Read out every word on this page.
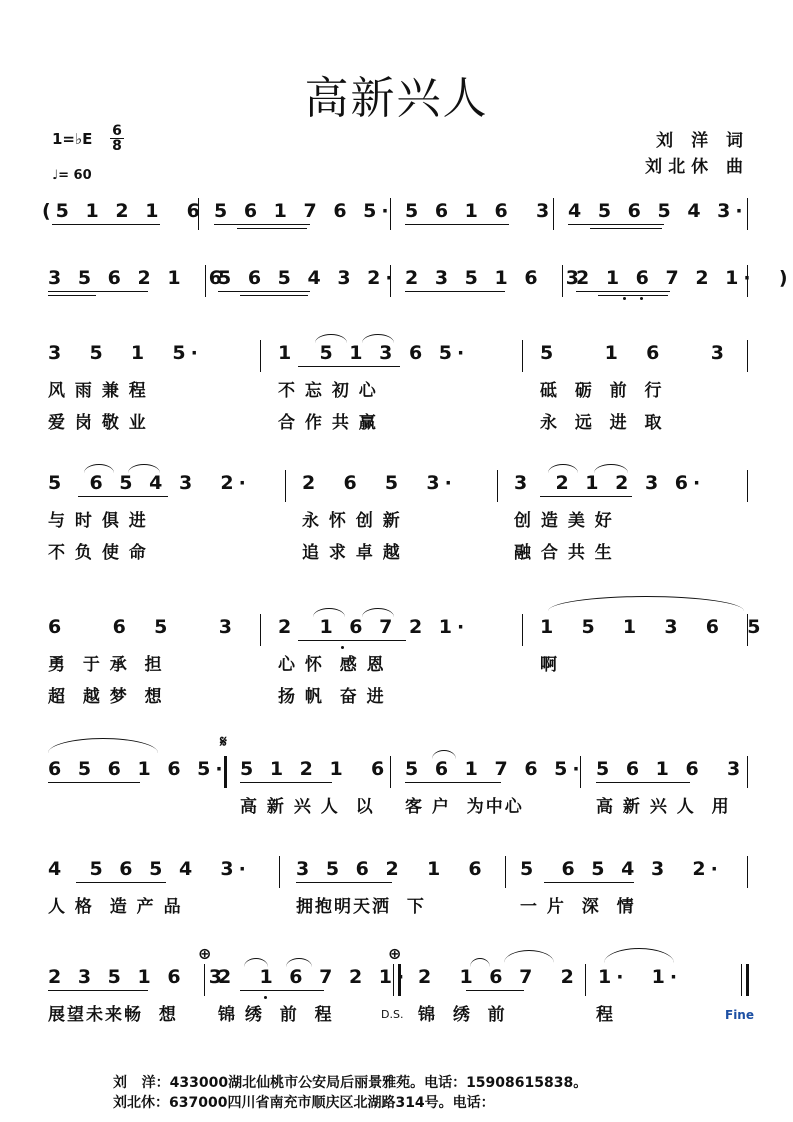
高新兴人
1=♭E 6
8
♩= 60
刘 洋 词
刘北休 曲
(5 1 2 1  6 5 6 1 7 6 5· 5 6 1 6  3 4 5 6 5 4 3·
3 5 6 2 1  6
5 6 5 4 3 2· 2 3 5 1 6  3
2 1 6 7 2 1·  )
3  5  1  5·	1  5 1 3 6 5·	5    1  6    3
风 雨 兼 程	不 忘 初 心	砥  砺  前  行
爱 岗 敬 业	合 作 共 赢	永  远  进  取
5  6 5 4 3  2·	2  6  5  3·	3  2 1 2 3 6·
与 时 俱 进	永 怀 创 新	创 造 美 好
不 负 使 命	追 求 卓 越	融 合 共 生
6    6  5    3 2  1 6 7 2 1·	1  5  1  3  6  5
勇  于 承  担	心 怀  感 恩	啊
超  越 梦  想	扬 帆  奋 进
6 5 6 1 6 5·
𝄋
5 1 2 1  6 5 6 1 7 6 5· 5 6 1 6  3
高 新 兴 人  以 客 户  为中心	高 新 兴 人  用
4  5 6 5 4  3· 3 5 6 2  1  6 5  6 5 4 3  2·
人 格  造 产 品	拥抱明天洒  下	一 片  深  情
2 3 5 1 6  3
⊕
2  1 6 7 2 1·
⊕
2  1 6 7  2 1·  1·
展望未来畅  想 锦 绣  前  程	D.S. 锦  绣  前	程	Fine
刘   洋：433000湖北仙桃市公安局后丽景雅苑。电话：15908615838。
刘北休：637000四川省南充市顺庆区北湖路314号。电话：
